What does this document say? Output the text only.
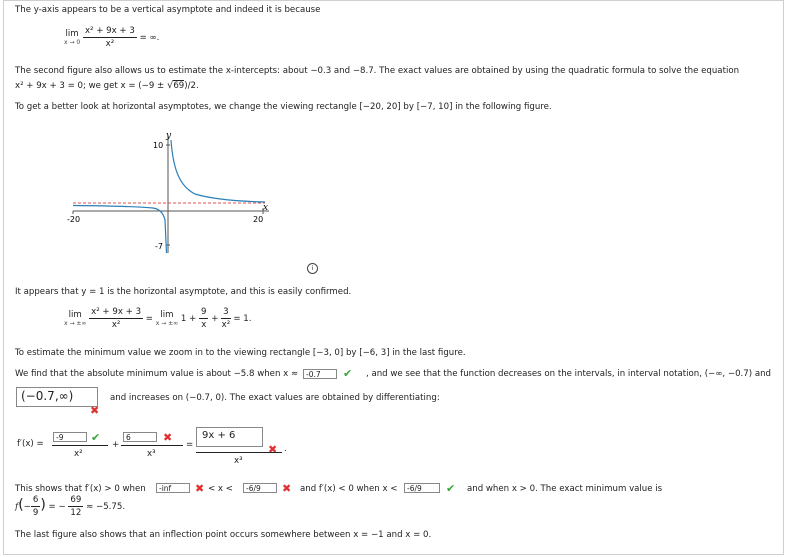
The y-axis appears to be a vertical asymptote and indeed it is because
lim
x → 0
$\frac{\text{x² + 9x + 3}}{\text{x²}}$ = ∞.
The second figure also allows us to estimate the x-intercepts: about −0.3 and −8.7. The exact values are obtained by using the quadratic formula to solve the equation
x² + 9x + 3 = 0; we get x = (−9 ± √69)/2.
To get a better look at horizontal asymptotes, we change the viewing rectangle [−20, 20] by [−7, 10] in the following figure.
y
x
10
-7
-20	20
i
It appears that y = 1 is the horizontal asymptote, and this is easily confirmed.
lim
x → ±∞
$\frac{\text{x² + 9x + 3}}{\text{x²}} = \lim$
x → ±∞ $1 + \frac{9}{x} + \frac{3}{\text{x²}} = 1$.
To estimate the minimum value we zoom in to the viewing rectangle [−3, 0] by [−6, 3] in the last figure.
We find that the absolute minimum value is about −5.8 when x ≈	-0.7	✔ , and we see that the function decreases on the intervals, in interval notation, (−∞, −0.7) and
(−0.7,∞)
✖
and increases on (−0.7, 0). The exact values are obtained by differentiating:
f′(x) =
-9	✔
x²
+
6	✖
x³
=
9x + 6
✖ .
x³
This shows that f′(x) > 0 when	-inf	✖ < x <	-6/9	✖ and f′(x) < 0 when x <	-6/9	✔ and when x > 0. The exact minimum value is
$f(- \frac{6}{9}$ ) = − $\frac{69}{12} \approx -5.75$.
The last figure also shows that an inflection point occurs somewhere between x = −1 and x = 0.
